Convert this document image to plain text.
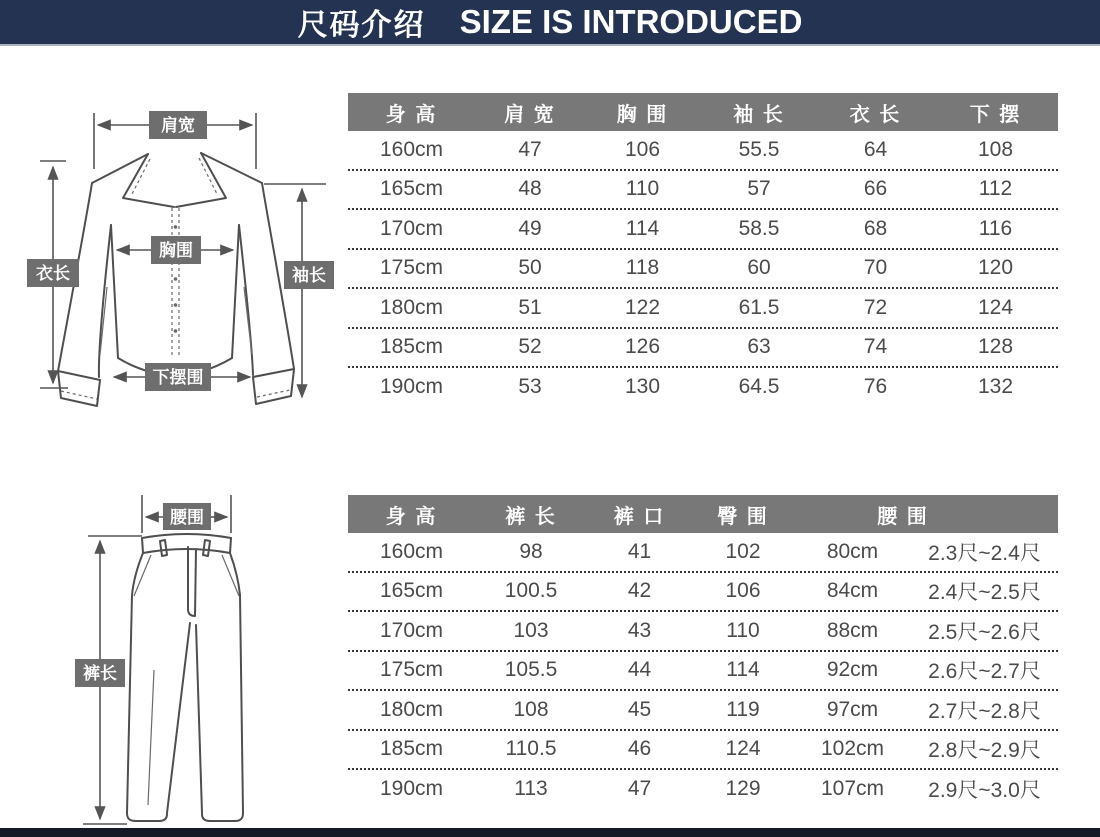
尺码介绍 SIZE IS INTRODUCED
肩宽
胸围
衣长	袖长
下摆围
身 高	肩 宽	胸 围	袖 长	衣 长	下 摆
160cm	47	106	55.5	64	108
165cm	48	110	57	66	112
170cm	49	114	58.5	68	116
175cm	50	118	60	70	120
180cm	51	122	61.5	72	124
185cm	52	126	63	74	128
190cm	53	130	64.5	76	132
腰围
裤长
身 高	裤 长	裤 口	臀 围	腰 围
160cm	98	41	102	80cm	2.3尺~2.4尺
165cm	100.5	42	106	84cm	2.4尺~2.5尺
170cm	103	43	110	88cm	2.5尺~2.6尺
175cm	105.5	44	114	92cm	2.6尺~2.7尺
180cm	108	45	119	97cm	2.7尺~2.8尺
185cm	110.5	46	124	102cm	2.8尺~2.9尺
190cm	113	47	129	107cm	2.9尺~3.0尺
